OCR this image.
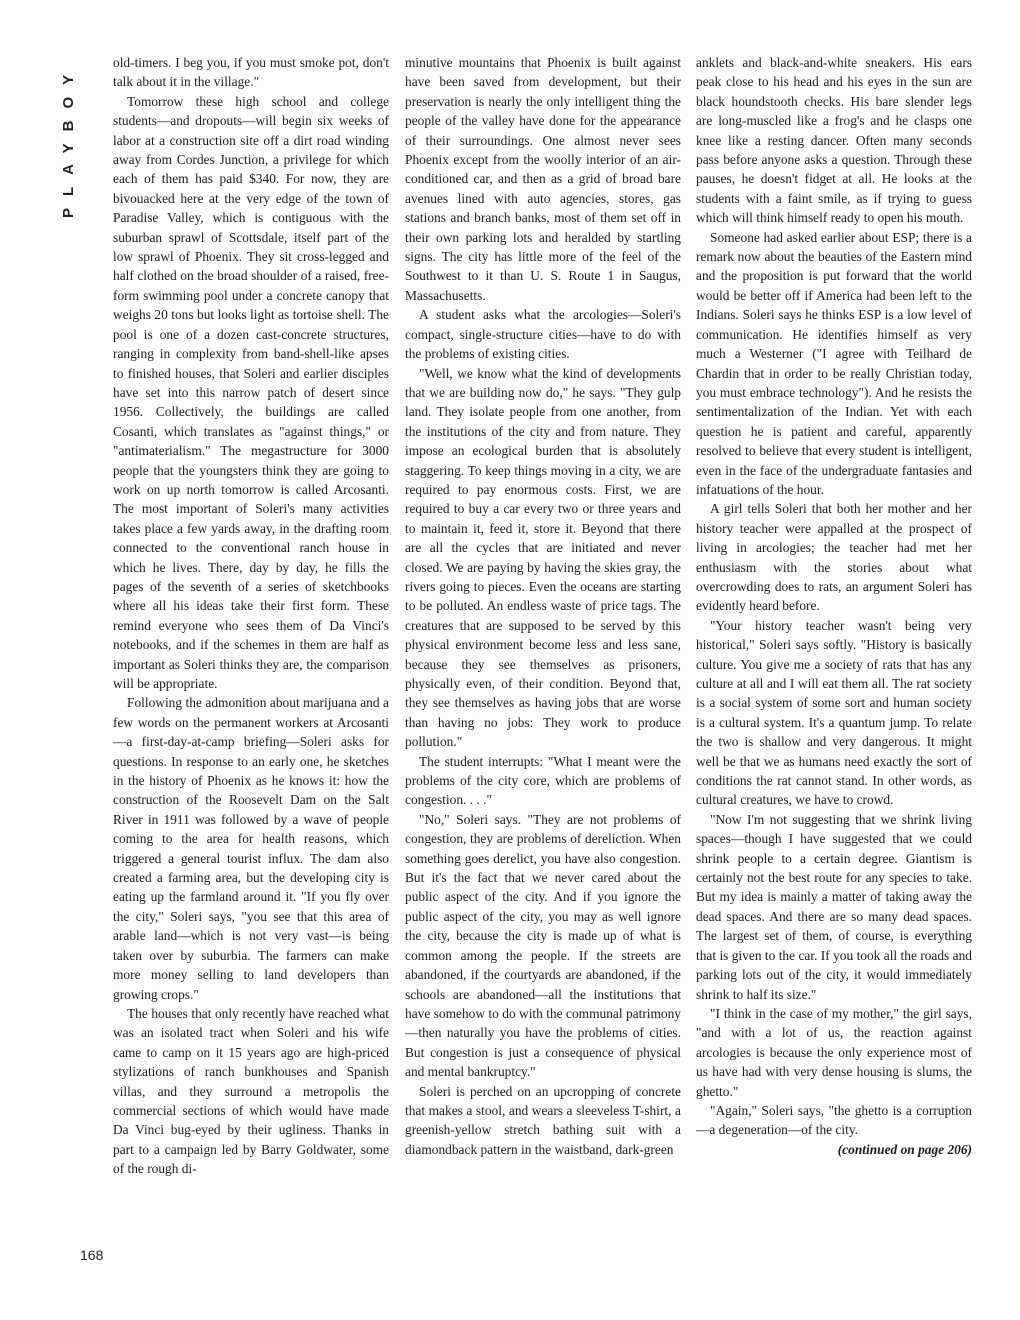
PLAYBOY	old-timers. I beg you, if you must smoke pot, don't talk about it in the village."

Tomorrow these high school and college students—and dropouts—will begin six weeks of labor at a construction site off a dirt road winding away from Cordes Junction, a privilege for which each of them has paid $340. For now, they are bivouacked here at the very edge of the town of Paradise Valley, which is contiguous with the suburban sprawl of Scottsdale, itself part of the low sprawl of Phoenix. They sit cross-legged and half clothed on the broad shoulder of a raised, free-form swimming pool under a concrete canopy that weighs 20 tons but looks light as tortoise shell. The pool is one of a dozen cast-concrete structures, ranging in complexity from band-shell-like apses to finished houses, that Soleri and earlier disciples have set into this narrow patch of desert since 1956. Collectively, the buildings are called Cosanti, which translates as "against things," or "antimaterialism." The megastructure for 3000 people that the youngsters think they are going to work on up north tomorrow is called Arcosanti. The most important of Soleri's many activities takes place a few yards away, in the drafting room connected to the conventional ranch house in which he lives. There, day by day, he fills the pages of the seventh of a series of sketchbooks where all his ideas take their first form. These remind everyone who sees them of Da Vinci's notebooks, and if the schemes in them are half as important as Soleri thinks they are, the comparison will be appropriate.

Following the admonition about marijuana and a few words on the permanent workers at Arcosanti—a first-day-at-camp briefing—Soleri asks for questions. In response to an early one, he sketches in the history of Phoenix as he knows it: how the construction of the Roosevelt Dam on the Salt River in 1911 was followed by a wave of people coming to the area for health reasons, which triggered a general tourist influx. The dam also created a farming area, but the developing city is eating up the farmland around it. "If you fly over the city," Soleri says, "you see that this area of arable land—which is not very vast—is being taken over by suburbia. The farmers can make more money selling to land developers than growing crops."

The houses that only recently have reached what was an isolated tract when Soleri and his wife came to camp on it 15 years ago are high-priced stylizations of ranch bunkhouses and Spanish villas, and they surround a metropolis the commercial sections of which would have made Da Vinci bug-eyed by their ugliness. Thanks in part to a campaign led by Barry Goldwater, some of the rough di-

minutive mountains that Phoenix is built against have been saved from development, but their preservation is nearly the only intelligent thing the people of the valley have done for the appearance of their surroundings. One almost never sees Phoenix except from the woolly interior of an air-conditioned car, and then as a grid of broad bare avenues lined with auto agencies, stores, gas stations and branch banks, most of them set off in their own parking lots and heralded by startling signs. The city has little more of the feel of the Southwest to it than U. S. Route 1 in Saugus, Massachusetts.

A student asks what the arcologies—Soleri's compact, single-structure cities—have to do with the problems of existing cities.

"Well, we know what the kind of developments that we are building now do," he says. "They gulp land. They isolate people from one another, from the institutions of the city and from nature. They impose an ecological burden that is absolutely staggering. To keep things moving in a city, we are required to pay enormous costs. First, we are required to buy a car every two or three years and to maintain it, feed it, store it. Beyond that there are all the cycles that are initiated and never closed. We are paying by having the skies gray, the rivers going to pieces. Even the oceans are starting to be polluted. An endless waste of price tags. The creatures that are supposed to be served by this physical environment become less and less sane, because they see themselves as prisoners, physically even, of their condition. Beyond that, they see themselves as having jobs that are worse than having no jobs: They work to produce pollution."

The student interrupts: "What I meant were the problems of the city core, which are problems of congestion. . . ."

"No," Soleri says. "They are not problems of congestion, they are problems of dereliction. When something goes derelict, you have also congestion. But it's the fact that we never cared about the public aspect of the city. And if you ignore the public aspect of the city, you may as well ignore the city, because the city is made up of what is common among the people. If the streets are abandoned, if the courtyards are abandoned, if the schools are abandoned—all the institutions that have somehow to do with the communal patrimony—then naturally you have the problems of cities. But congestion is just a consequence of physical and mental bankruptcy."

Soleri is perched on an upcropping of concrete that makes a stool, and wears a sleeveless T-shirt, a greenish-yellow stretch bathing suit with a diamondback pattern in the waistband, dark-green

anklets and black-and-white sneakers. His ears peak close to his head and his eyes in the sun are black houndstooth checks. His bare slender legs are long-muscled like a frog's and he clasps one knee like a resting dancer. Often many seconds pass before anyone asks a question. Through these pauses, he doesn't fidget at all. He looks at the students with a faint smile, as if trying to guess which will think himself ready to open his mouth.

Someone had asked earlier about ESP; there is a remark now about the beauties of the Eastern mind and the proposition is put forward that the world would be better off if America had been left to the Indians. Soleri says he thinks ESP is a low level of communication. He identifies himself as very much a Westerner ("I agree with Teilhard de Chardin that in order to be really Christian today, you must embrace technology"). And he resists the sentimentalization of the Indian. Yet with each question he is patient and careful, apparently resolved to believe that every student is intelligent, even in the face of the undergraduate fantasies and infatuations of the hour.

A girl tells Soleri that both her mother and her history teacher were appalled at the prospect of living in arcologies; the teacher had met her enthusiasm with the stories about what overcrowding does to rats, an argument Soleri has evidently heard before.

"Your history teacher wasn't being very historical," Soleri says softly. "History is basically culture. You give me a society of rats that has any culture at all and I will eat them all. The rat society is a social system of some sort and human society is a cultural system. It's a quantum jump. To relate the two is shallow and very dangerous. It might well be that we as humans need exactly the sort of conditions the rat cannot stand. In other words, as cultural creatures, we have to crowd.

"Now I'm not suggesting that we shrink living spaces—though I have suggested that we could shrink people to a certain degree. Giantism is certainly not the best route for any species to take. But my idea is mainly a matter of taking away the dead spaces. And there are so many dead spaces. The largest set of them, of course, is everything that is given to the car. If you took all the roads and parking lots out of the city, it would immediately shrink to half its size."

"I think in the case of my mother," the girl says, "and with a lot of us, the reaction against arcologies is because the only experience most of us have had with very dense housing is slums, the ghetto."

"Again," Soleri says, "the ghetto is a corruption—a degeneration—of the city.

(continued on page 206)

168
